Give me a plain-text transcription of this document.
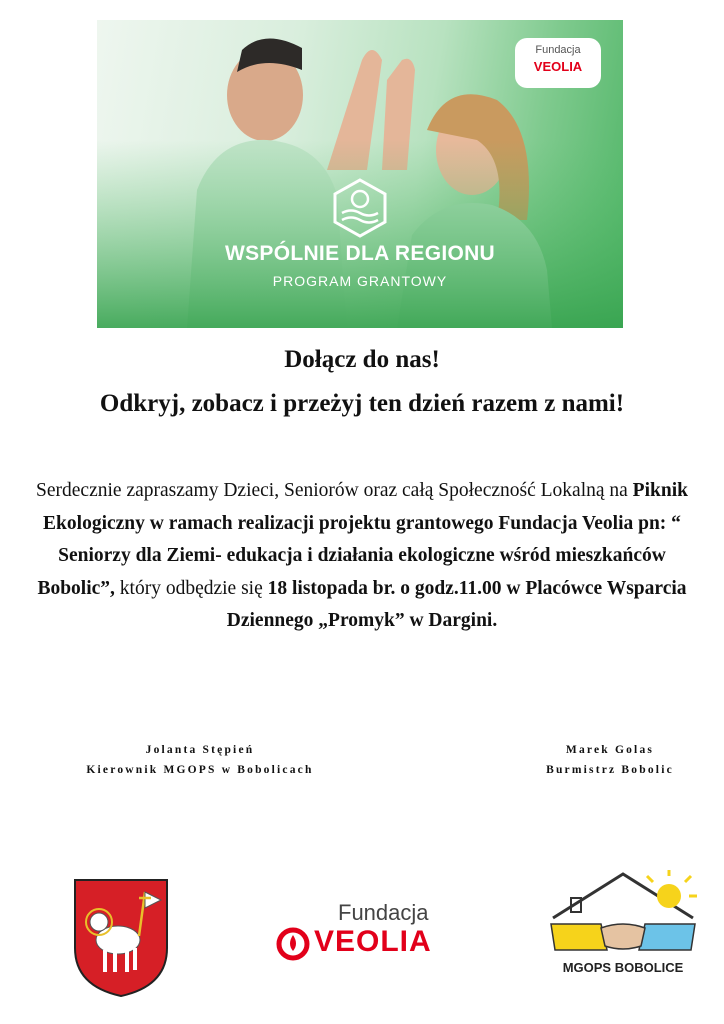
Fundacja
VEOLIA
WSPÓLNIE DLA REGIONU
PROGRAM GRANTOWY
Dołącz do nas!
Odkryj, zobacz i przeżyj ten dzień razem z nami!
Serdecznie zapraszamy Dzieci, Seniorów oraz całą Społeczność Lokalną na Piknik Ekologiczny w ramach realizacji projektu grantowego Fundacja Veolia pn: “ Seniorzy dla Ziemi- edukacja i działania ekologiczne wśród mieszkańców Bobolic”, który odbędzie się 18 listopada br. o godz.11.00 w Placówce Wsparcia Dziennego „Promyk” w Dargini.
Jolanta Stępień
Kierownik MGOPS w Bobolicach
Marek Golas
Burmistrz Bobolic
Fundacja
VEOLIA
MGOPS BOBOLICE
